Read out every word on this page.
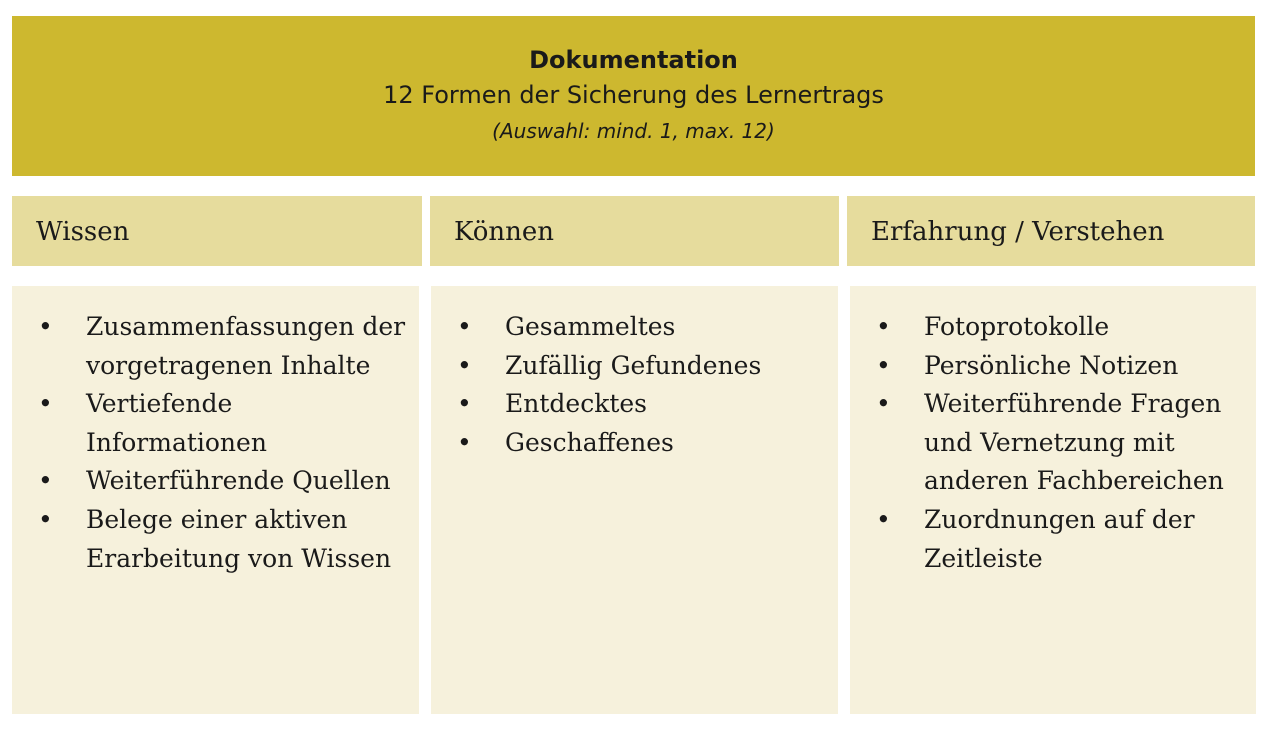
Dokumentation
12 Formen der Sicherung des Lernertrags
(Auswahl: mind. 1, max. 12)
Wissen	Können	Erfahrung / Verstehen
• Zusammenfassungen der vorgetragenen Inhalte
• Vertiefende Informationen
• Weiterführende Quellen
• Belege einer aktiven Erarbeitung von Wissen
• Gesammeltes
• Zufällig Gefundenes
• Entdecktes
• Geschaffenes
• Fotoprotokolle
• Persönliche Notizen
• Weiterführende Fragen und Vernetzung mit anderen Fachbereichen
• Zuordnungen auf der Zeitleiste
